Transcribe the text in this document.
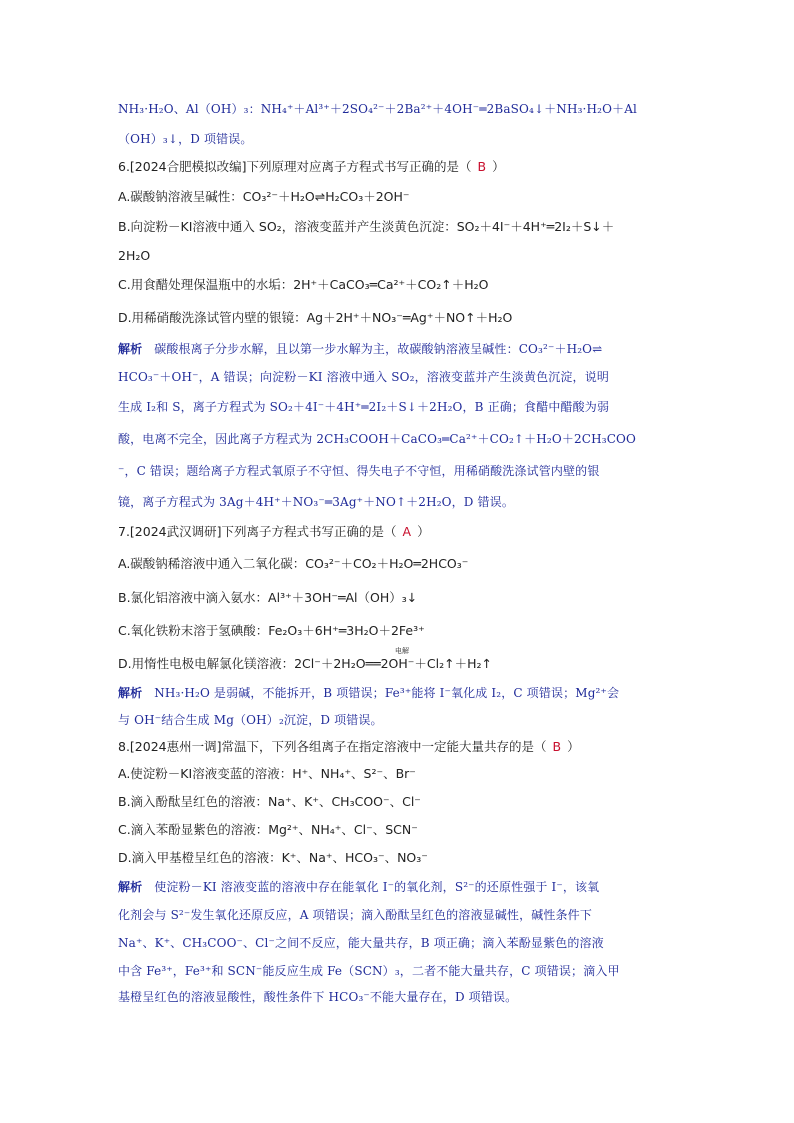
NH₃·H₂O、Al（OH）₃：NH₄⁺＋Al³⁺＋2SO₄²⁻＋2Ba²⁺＋4OH⁻═2BaSO₄↓＋NH₃·H₂O＋Al
（OH）₃↓，D 项错误。
6.[2024合肥模拟改编]下列原理对应离子方程式书写正确的是（ B ）
A.碳酸钠溶液呈碱性：CO₃²⁻＋H₂O⇌H₂CO₃＋2OH⁻
B.向淀粉－KI溶液中通入 SO₂，溶液变蓝并产生淡黄色沉淀：SO₂＋4I⁻＋4H⁺═2I₂＋S↓＋
2H₂O
C.用食醋处理保温瓶中的水垢：2H⁺＋CaCO₃═Ca²⁺＋CO₂↑＋H₂O
D.用稀硝酸洗涤试管内壁的银镜：Ag＋2H⁺＋NO₃⁻═Ag⁺＋NO↑＋H₂O
解析 碳酸根离子分步水解，且以第一步水解为主，故碳酸钠溶液呈碱性：CO₃²⁻＋H₂O⇌
HCO₃⁻＋OH⁻，A 错误；向淀粉－KI 溶液中通入 SO₂，溶液变蓝并产生淡黄色沉淀，说明
生成 I₂和 S，离子方程式为 SO₂＋4I⁻＋4H⁺═2I₂＋S↓＋2H₂O，B 正确；食醋中醋酸为弱
酸，电离不完全，因此离子方程式为 2CH₃COOH＋CaCO₃═Ca²⁺＋CO₂↑＋H₂O＋2CH₃COO
⁻，C 错误；题给离子方程式氧原子不守恒、得失电子不守恒，用稀硝酸洗涤试管内壁的银
镜，离子方程式为 3Ag＋4H⁺＋NO₃⁻═3Ag⁺＋NO↑＋2H₂O，D 错误。
7.[2024武汉调研]下列离子方程式书写正确的是（ A ）
A.碳酸钠稀溶液中通入二氧化碳：CO₃²⁻＋CO₂＋H₂O═2HCO₃⁻
B.氯化铝溶液中滴入氨水：Al³⁺＋3OH⁻═Al（OH）₃↓
C.氧化铁粉末溶于氢碘酸：Fe₂O₃＋6H⁺═3H₂O＋2Fe³⁺
D.用惰性电极电解氯化镁溶液：2Cl⁻＋2H₂O══2OH⁻＋Cl₂↑＋H₂↑
电解
解析 NH₃·H₂O 是弱碱，不能拆开，B 项错误；Fe³⁺能将 I⁻氧化成 I₂，C 项错误；Mg²⁺会
与 OH⁻结合生成 Mg（OH）₂沉淀，D 项错误。
8.[2024惠州一调]常温下，下列各组离子在指定溶液中一定能大量共存的是（ B ）
A.使淀粉－KI溶液变蓝的溶液：H⁺、NH₄⁺、S²⁻、Br⁻
B.滴入酚酞呈红色的溶液：Na⁺、K⁺、CH₃COO⁻、Cl⁻
C.滴入苯酚显紫色的溶液：Mg²⁺、NH₄⁺、Cl⁻、SCN⁻
D.滴入甲基橙呈红色的溶液：K⁺、Na⁺、HCO₃⁻、NO₃⁻
解析 使淀粉－KI 溶液变蓝的溶液中存在能氧化 I⁻的氧化剂，S²⁻的还原性强于 I⁻，该氧
化剂会与 S²⁻发生氧化还原反应，A 项错误；滴入酚酞呈红色的溶液显碱性，碱性条件下
Na⁺、K⁺、CH₃COO⁻、Cl⁻之间不反应，能大量共存，B 项正确；滴入苯酚显紫色的溶液
中含 Fe³⁺，Fe³⁺和 SCN⁻能反应生成 Fe（SCN）₃，二者不能大量共存，C 项错误；滴入甲
基橙呈红色的溶液显酸性，酸性条件下 HCO₃⁻不能大量存在，D 项错误。
